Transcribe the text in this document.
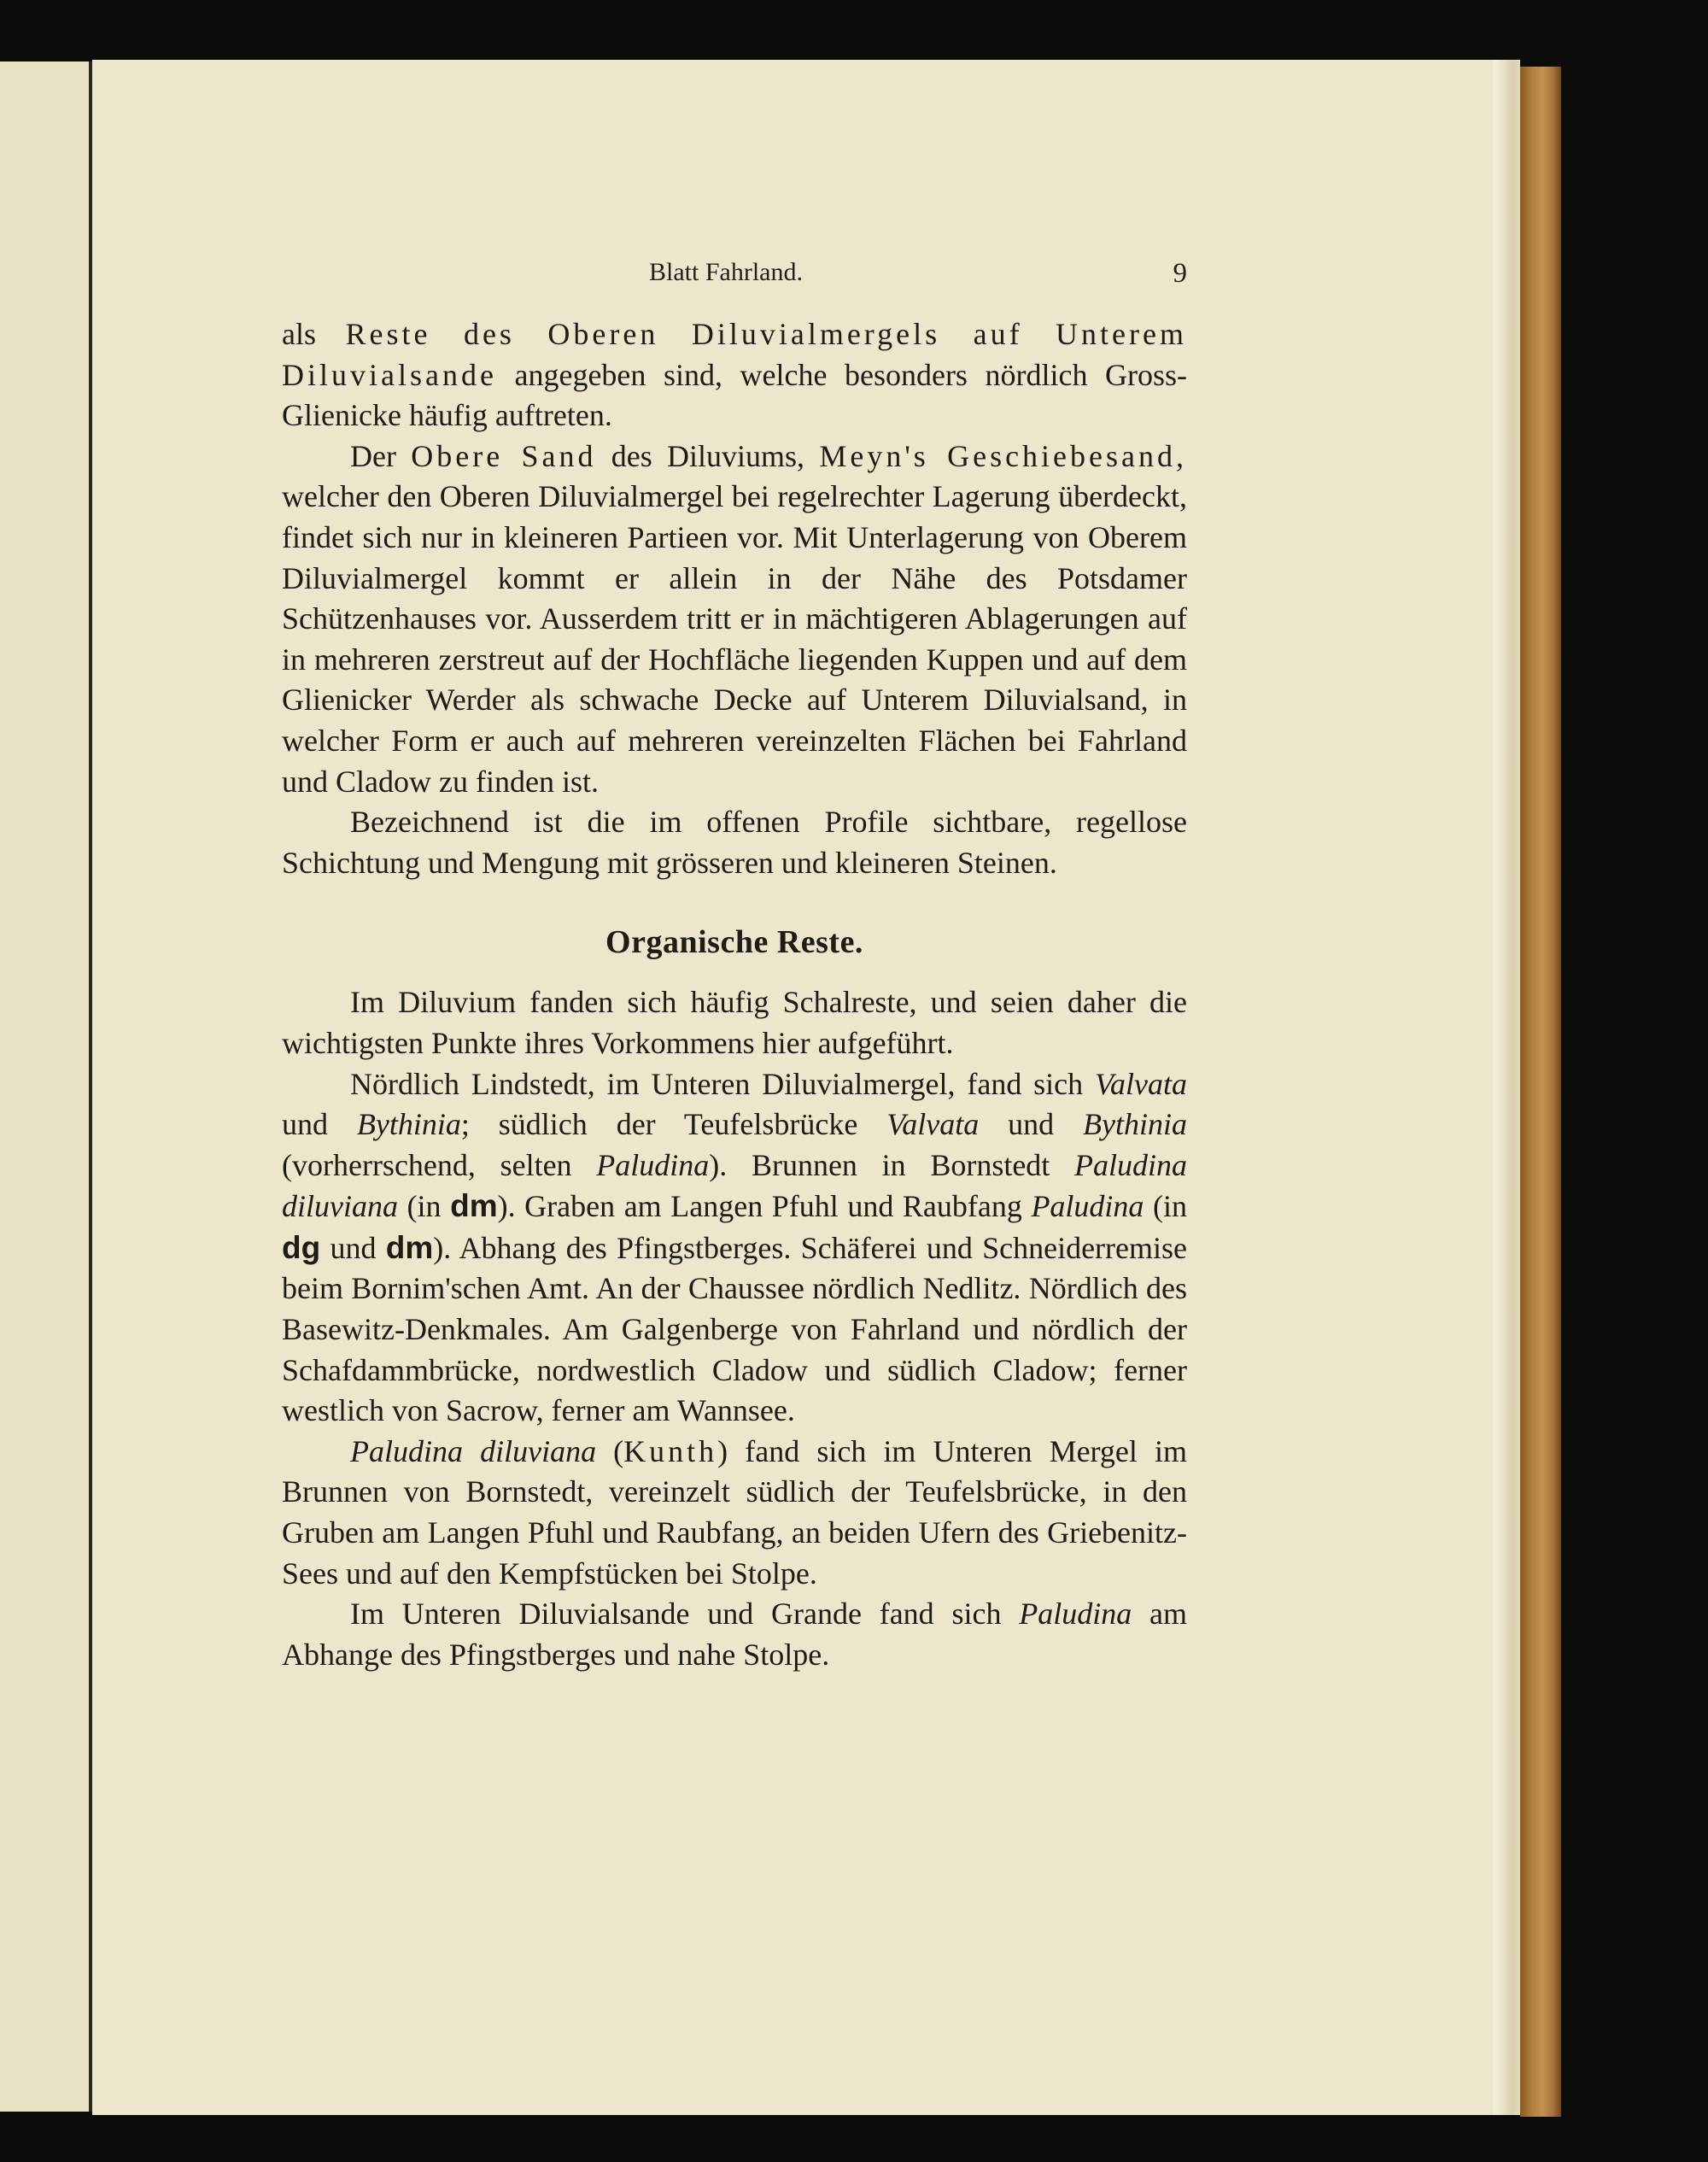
Blatt Fahrland.	9

als Reste des Oberen Diluvialmergels auf Unterem Diluvialsande angegeben sind, welche besonders nördlich Gross-Glienicke häufig auftreten.

Der Obere Sand des Diluviums, Meyn's Geschiebesand, welcher den Oberen Diluvialmergel bei regelrechter Lagerung überdeckt, findet sich nur in kleineren Partieen vor. Mit Unterlagerung von Oberem Diluvialmergel kommt er allein in der Nähe des Potsdamer Schützenhauses vor. Ausserdem tritt er in mächtigeren Ablagerungen auf in mehreren zerstreut auf der Hochfläche liegenden Kuppen und auf dem Glienicker Werder als schwache Decke auf Unterem Diluvialsand, in welcher Form er auch auf mehreren vereinzelten Flächen bei Fahrland und Cladow zu finden ist.

Bezeichnend ist die im offenen Profile sichtbare, regellose Schichtung und Mengung mit grösseren und kleineren Steinen.

Organische Reste.

Im Diluvium fanden sich häufig Schalreste, und seien daher die wichtigsten Punkte ihres Vorkommens hier aufgeführt.

Nördlich Lindstedt, im Unteren Diluvialmergel, fand sich Valvata und Bythinia; südlich der Teufelsbrücke Valvata und Bythinia (vorherrschend, selten Paludina). Brunnen in Bornstedt Paludina diluviana (in dm). Graben am Langen Pfuhl und Raubfang Paludina (in dg und dm). Abhang des Pfingstberges. Schäferei und Schneiderremise beim Bornim'schen Amt. An der Chaussee nördlich Nedlitz. Nördlich des Basewitz-Denkmales. Am Galgenberge von Fahrland und nördlich der Schafdammbrücke, nordwestlich Cladow und südlich Cladow; ferner westlich von Sacrow, ferner am Wannsee.

Paludina diluviana (Kunth) fand sich im Unteren Mergel im Brunnen von Bornstedt, vereinzelt südlich der Teufelsbrücke, in den Gruben am Langen Pfuhl und Raubfang, an beiden Ufern des Griebenitz-Sees und auf den Kempfstücken bei Stolpe.

Im Unteren Diluvialsande und Grande fand sich Paludina am Abhange des Pfingstberges und nahe Stolpe.
